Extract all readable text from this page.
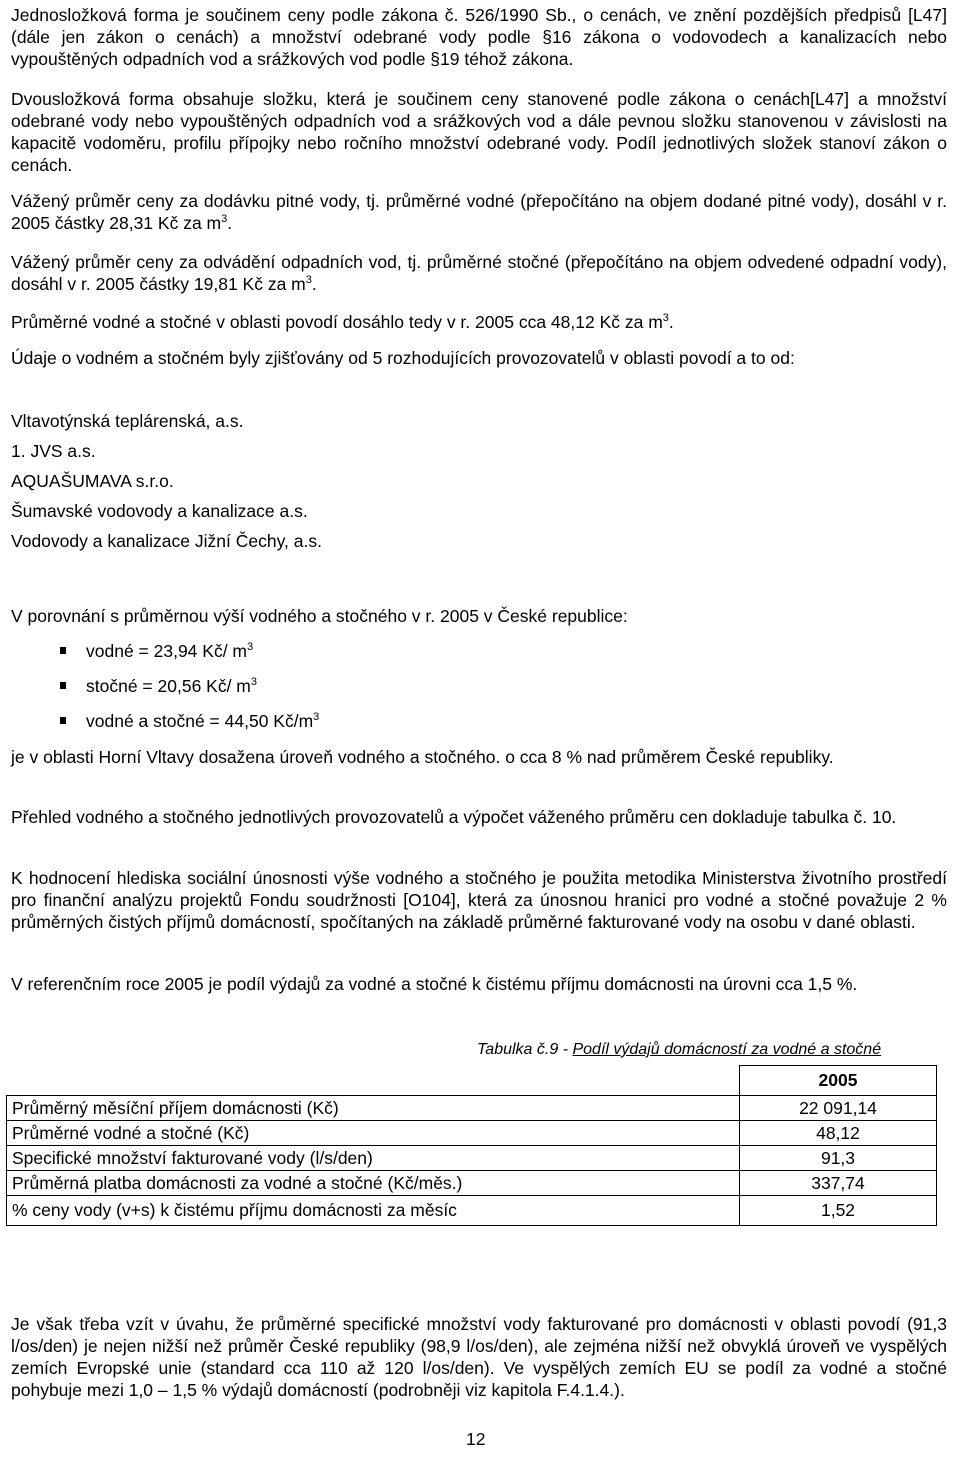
Jednosložková forma je součinem ceny podle zákona č. 526/1990 Sb., o cenách, ve znění pozdějších předpisů [L47] (dále jen zákon o cenách) a množství odebrané vody podle §16 zákona o vodovodech a kanalizacích nebo vypouštěných odpadních vod a srážkových vod podle §19 téhož zákona.

Dvousložková forma obsahuje složku, která je součinem ceny stanovené podle zákona o cenách[L47] a množství odebrané vody nebo vypouštěných odpadních vod a srážkových vod a dále pevnou složku stanovenou v závislosti na kapacitě vodoměru, profilu přípojky nebo ročního množství odebrané vody. Podíl jednotlivých složek stanoví zákon o cenách.

Vážený průměr ceny za dodávku pitné vody, tj. průměrné vodné (přepočítáno na objem dodané pitné vody), dosáhl v r. 2005 částky 28,31 Kč za $m^3$.

Vážený průměr ceny za odvádění odpadních vod, tj. průměrné stočné (přepočítáno na objem odvedené odpadní vody), dosáhl v r. 2005 částky 19,81 Kč za $m^3$.

Průměrné vodné a stočné v oblasti povodí dosáhlo tedy v r. 2005 cca 48,12 Kč za $m^3$.

Údaje o vodném a stočném byly zjišťovány od 5 rozhodujících provozovatelů v oblasti povodí a to od:

Vltavotýnská teplárenská, a.s.
1. JVS a.s.
AQUAŠUMAVA s.r.o.
Šumavské vodovody a kanalizace a.s.
Vodovody a kanalizace Jižní Čechy, a.s.

V porovnání s průměrnou výší vodného a stočného v r. 2005 v České republice:

vodné = 23,94 Kč/ $m^3$
stočné = 20,56 Kč/ $m^3$
vodné a stočné = 44,50 $Kč/m^3$

je v oblasti Horní Vltavy dosažena úroveň vodného a stočného. o cca 8 % nad průměrem České republiky.

Přehled vodného a stočného jednotlivých provozovatelů a výpočet váženého průměru cen dokladuje tabulka č. 10.

K hodnocení hlediska sociální únosnosti výše vodného a stočného je použita metodika Ministerstva životního prostředí pro finanční analýzu projektů Fondu soudržnosti [O104], která za únosnou hranici pro vodné a stočné považuje 2 % průměrných čistých příjmů domácností, spočítaných na základě průměrné fakturované vody na osobu v dané oblasti.

V referenčním roce 2005 je podíl výdajů za vodné a stočné k čistému příjmu domácnosti na úrovni cca 1,5 %.

Tabulka č.9 - Podíl výdajů domácností za vodné a stočné
	2005
Průměrný měsíční příjem domácnosti (Kč)	22 091,14
Průměrné vodné a stočné (Kč)	48,12
Specifické množství fakturované vody (l/s/den)	91,3
Průměrná platba domácnosti za vodné a stočné (Kč/měs.)	337,74
% ceny vody (v+s) k čistému příjmu domácnosti za měsíc	1,52

Je však třeba vzít v úvahu, že průměrné specifické množství vody fakturované pro domácnosti v oblasti povodí (91,3 l/os/den) je nejen nižší než průměr České republiky (98,9 l/os/den), ale zejména nižší než obvyklá úroveň ve vyspělých zemích Evropské unie (standard cca 110 až 120 l/os/den). Ve vyspělých zemích EU se podíl za vodné a stočné pohybuje mezi 1,0 – 1,5 % výdajů domácností (podrobněji viz kapitola F.4.1.4.).

12
